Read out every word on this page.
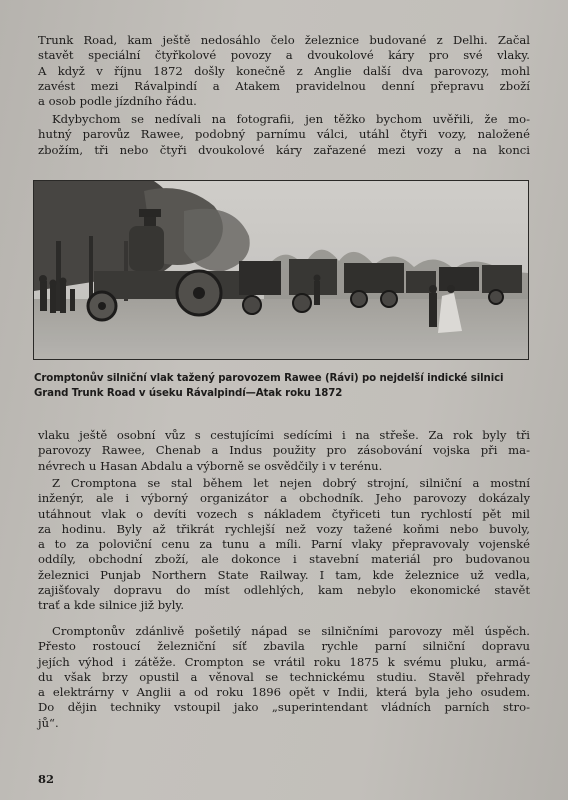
Trunk Road, kam ještě nedosáhlo čelo železnice budované z Delhi. Začal
stavět speciální čtyřkolové povozy a dvoukolové káry pro své vlaky.
A když v říjnu 1872 došly konečně z Anglie další dva parovozy, mohl
zavést mezi Rávalpindí a Atakem pravidelnou denní přepravu zboží
a osob podle jízdního řádu.

Kdybychom se nedívali na fotografii, jen těžko bychom uvěřili, že mo-
hutný parovůz Rawee, podobný parnímu válci, utáhl čtyři vozy, naložené
zbožím, tři nebo čtyři dvoukolové káry zařazené mezi vozy a na konci

Cromptonův silniční vlak tažený parovozem Rawee (Rávi) po nejdelší indické silnici
Grand Trunk Road v úseku Rávalpindí—Atak roku 1872

vlaku ještě osobní vůz s cestujícími sedícími i na střeše. Za rok byly tři
parovozy Rawee, Chenab a Indus použity pro zásobování vojska při ma-
névrech u Hasan Abdalu a výborně se osvědčily i v terénu.

Z Cromptona se stal během let nejen dobrý strojní, silniční a mostní
inženýr, ale i výborný organizátor a obchodník. Jeho parovozy dokázaly
utáhnout vlak o devíti vozech s nákladem čtyřiceti tun rychlostí pět mil
za hodinu. Byly až třikrát rychlejší než vozy tažené koňmi nebo buvoly,
a to za poloviční cenu za tunu a míli. Parní vlaky přepravovaly vojenské
oddíly, obchodní zboží, ale dokonce i stavební materiál pro budovanou
železnici Punjab Northern State Railway. I tam, kde železnice už vedla,
zajišťovaly dopravu do míst odlehlých, kam nebylo ekonomické stavět
trať a kde silnice již byly.

Cromptonův zdánlivě pošetilý nápad se silničními parovozy měl úspěch.
Přesto rostoucí železniční síť zbavila rychle parní silniční dopravu
jejích výhod i zátěže. Crompton se vrátil roku 1875 k svému pluku, armá-
du však brzy opustil a věnoval se technickému studiu. Stavěl přehrady
a elektrárny v Anglii a od roku 1896 opět v Indii, která byla jeho osudem.
Do dějin techniky vstoupil jako „superintendant vládních parních stro-
jů“.

82
